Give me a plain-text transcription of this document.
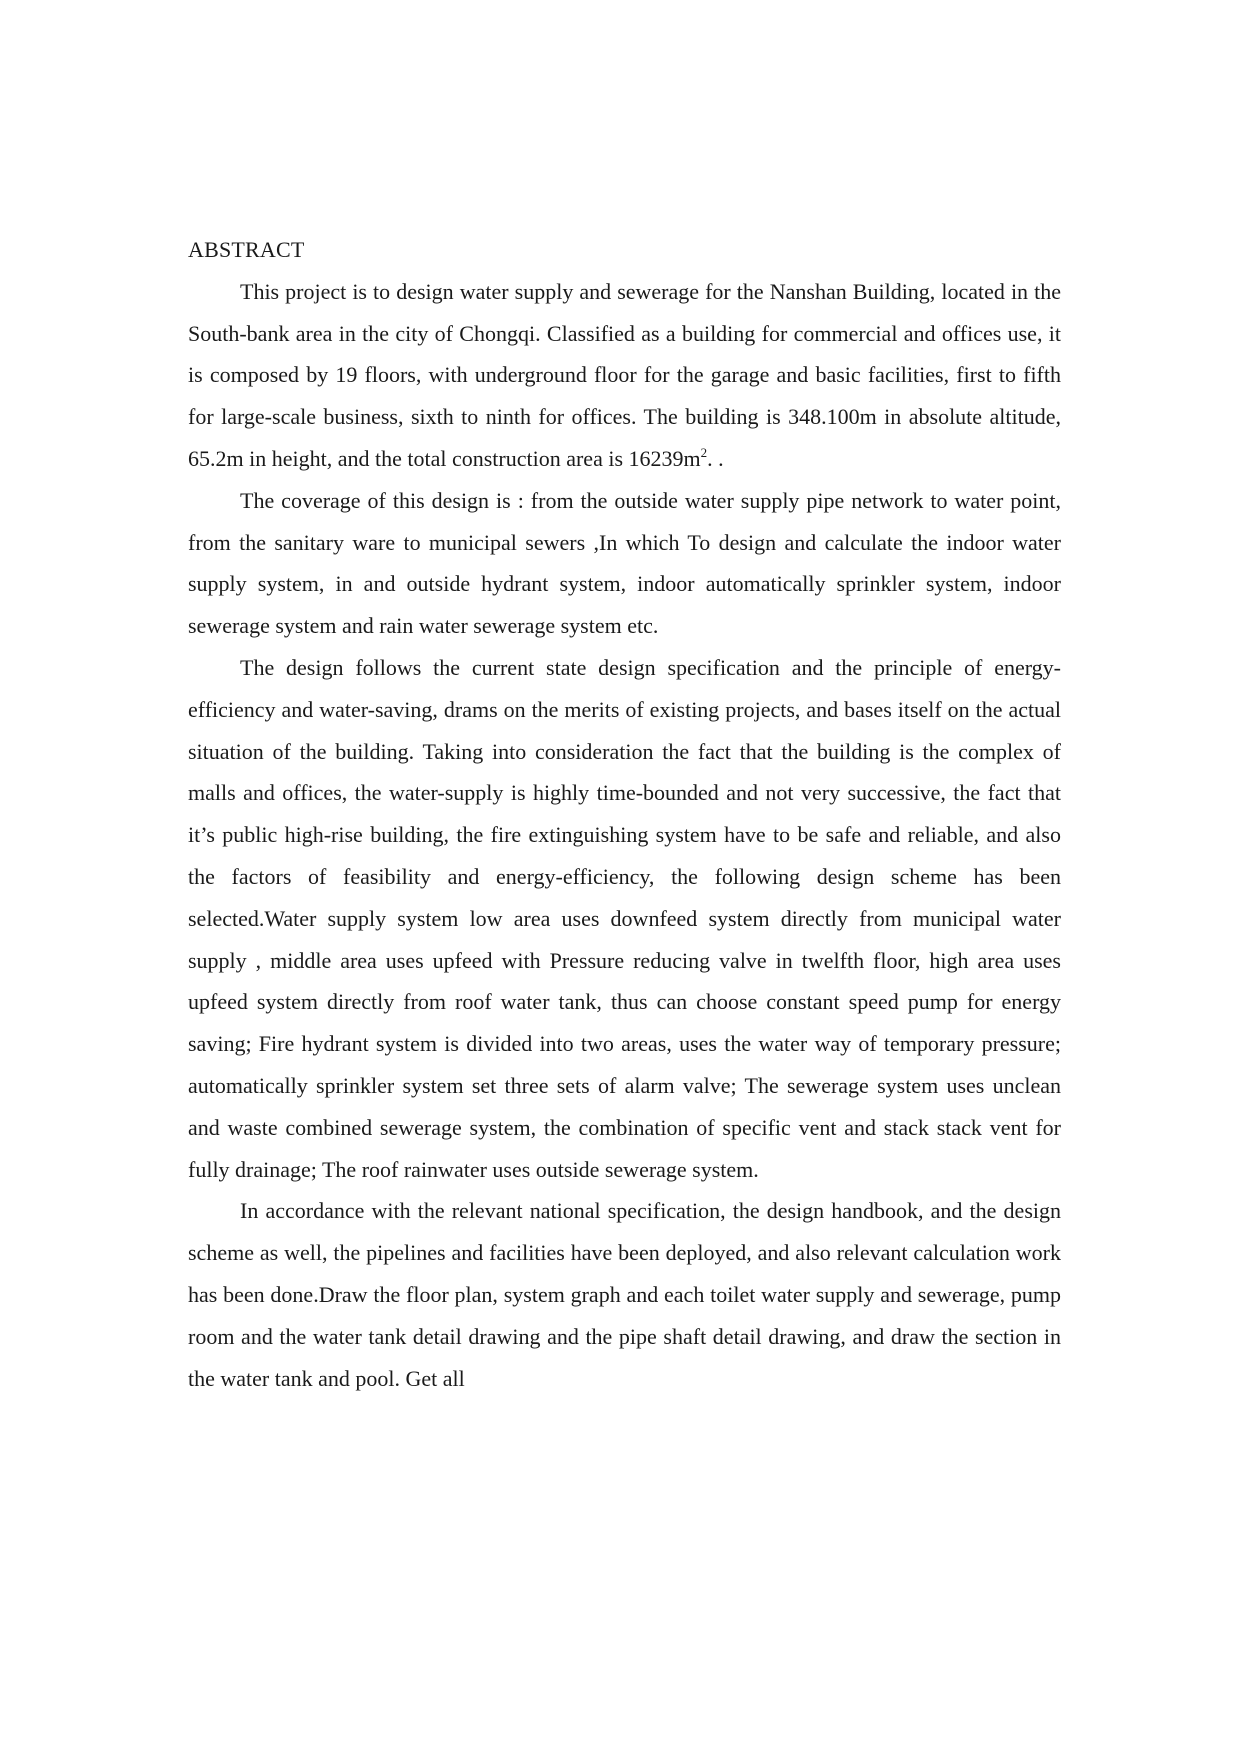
ABSTRACT

This project is to design water supply and sewerage for the Nanshan Building, located in the South-bank area in the city of Chongqi. Classified as a building for commercial and offices use, it is composed by 19 floors, with underground floor for the garage and basic facilities, first to fifth for large-scale business, sixth to ninth for offices. The building is 348.100m in absolute altitude, 65.2m in height, and the total construction area is $16239m^2$. .

The coverage of this design is : from the outside water supply pipe network to water point, from the sanitary ware to municipal sewers ,In which To design and calculate the indoor water supply system, in and outside hydrant system, indoor automatically sprinkler system, indoor sewerage system and rain water sewerage system etc.

The design follows the current state design specification and the principle of energy-efficiency and water-saving, drams on the merits of existing projects, and bases itself on the actual situation of the building. Taking into consideration the fact that the building is the complex of malls and offices, the water-supply is highly time-bounded and not very successive, the fact that it’s public high-rise building, the fire extinguishing system have to be safe and reliable, and also the factors of feasibility and energy-efficiency, the following design scheme has been selected.Water supply system low area uses downfeed system directly from municipal water supply , middle area uses upfeed with Pressure reducing valve in twelfth floor, high area uses upfeed system directly from roof water tank, thus can choose constant speed pump for energy saving; Fire hydrant system is divided into two areas, uses the water way of temporary pressure; automatically sprinkler system set three sets of alarm valve; The sewerage system uses unclean and waste combined sewerage system, the combination of specific vent and stack stack vent for fully drainage; The roof rainwater uses outside sewerage system.

In accordance with the relevant national specification, the design handbook, and the design scheme as well, the pipelines and facilities have been deployed, and also relevant calculation work has been done.Draw the floor plan, system graph and each toilet water supply and sewerage, pump room and the water tank detail drawing and the pipe shaft detail drawing, and draw the section in the water tank and pool. Get all
